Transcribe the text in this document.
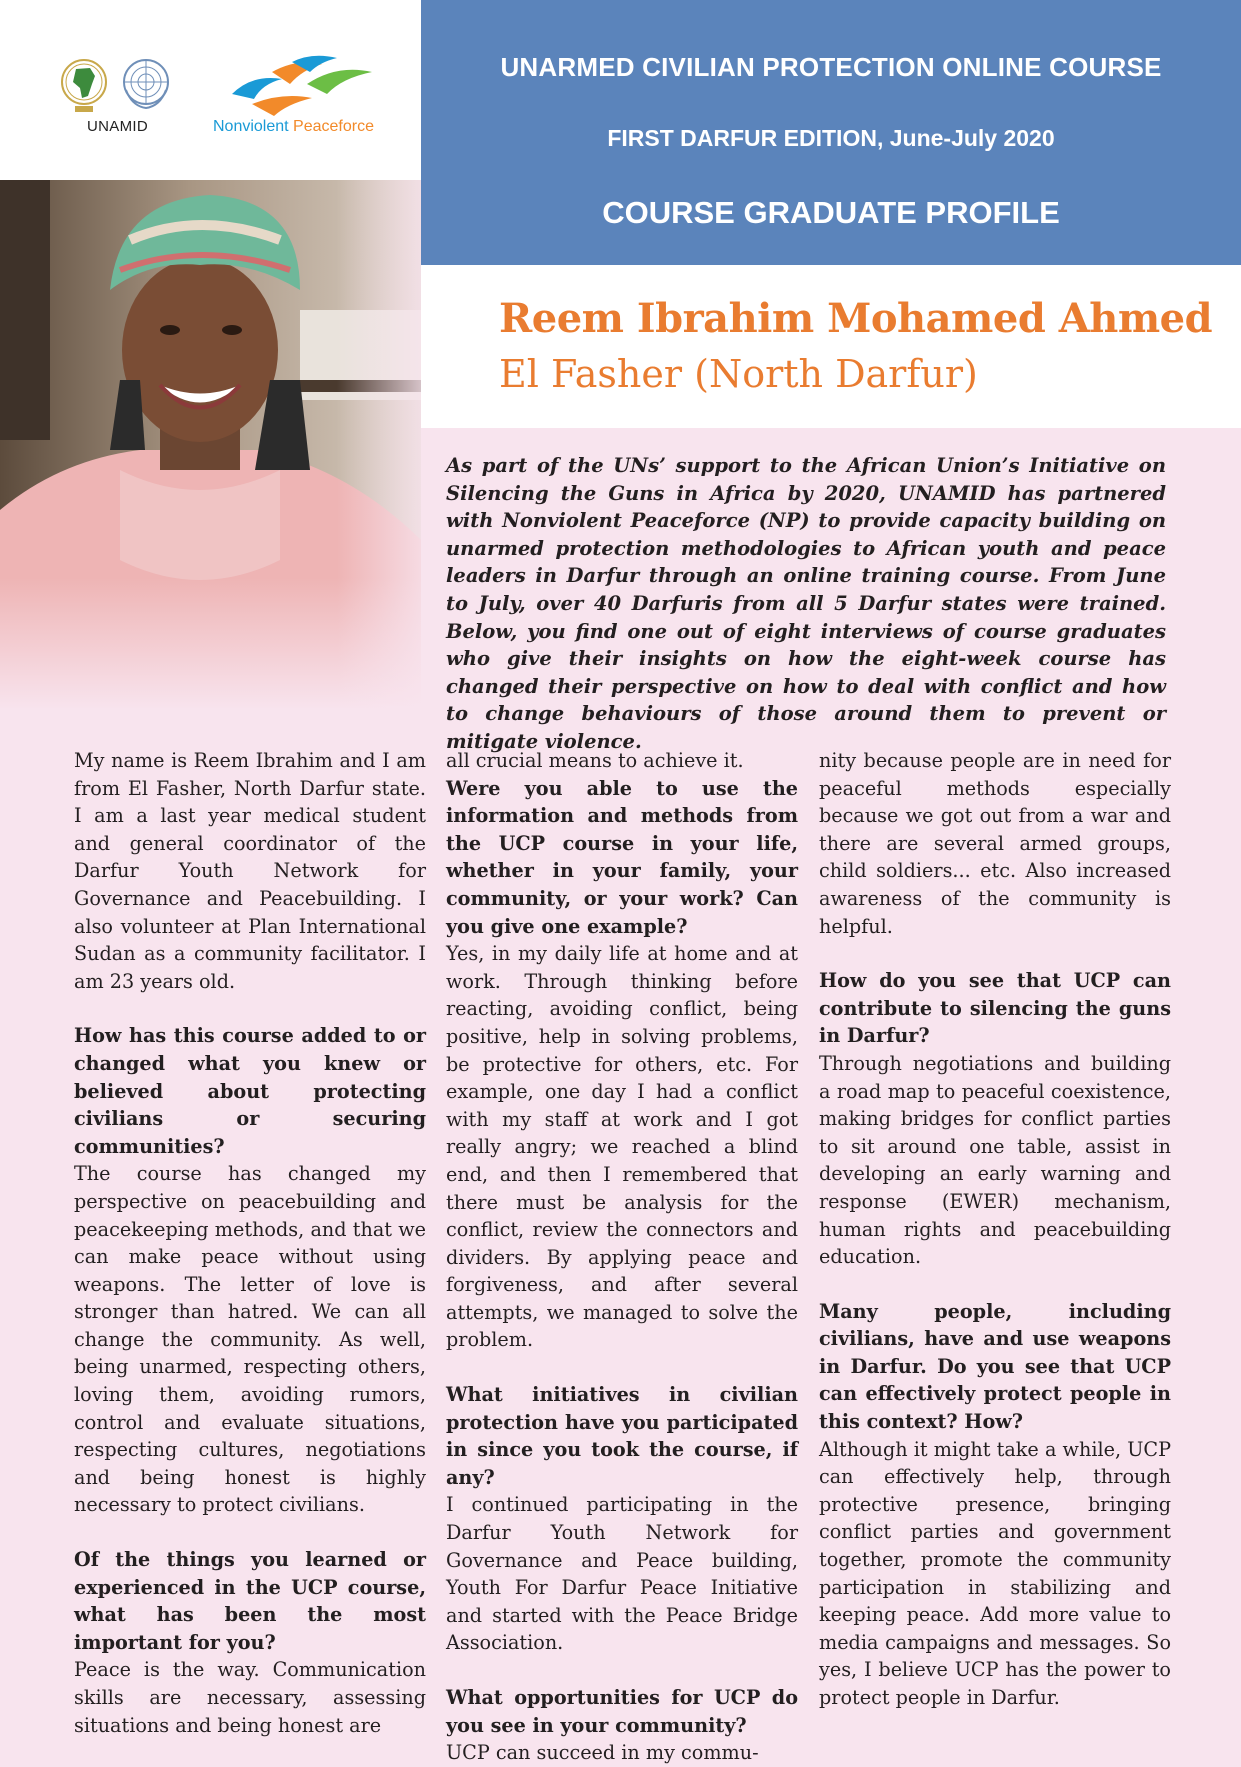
UNAMID	Nonviolent Peaceforce
UNARMED CIVILIAN PROTECTION ONLINE COURSE
FIRST DARFUR EDITION, June-July 2020
COURSE GRADUATE PROFILE
Reem Ibrahim Mohamed Ahmed
El Fasher (North Darfur)
As part of the UNs’ support to the African Union’s Initiative on Silencing the Guns in Africa by 2020, UNAMID has partnered with Nonviolent Peaceforce (NP) to provide capacity building on unarmed protection methodologies to African youth and peace leaders in Darfur through an online training course. From June to July, over 40 Darfuris from all 5 Darfur states were trained. Below, you find one out of eight interviews of course graduates who give their insights on how the eight-week course has changed their perspective on how to deal with conflict and how to change behaviours of those around them to prevent or mitigate violence.

My name is Reem Ibrahim and I am from El Fasher, North Darfur state. I am a last year medical student and general coordinator of the Darfur Youth Network for Governance and Peacebuilding. I also volunteer at Plan International Sudan as a community facilitator. I am 23 years old.

How has this course added to or changed what you knew or believed about protecting civilians or securing communities?

The course has changed my perspective on peacebuilding and peacekeeping methods, and that we can make peace without using weapons. The letter of love is stronger than hatred. We can all change the community. As well, being unarmed, respecting others, loving them, avoiding rumors, control and evaluate situations, respecting cultures, negotiations and being honest is highly necessary to protect civilians.

Of the things you learned or experienced in the UCP course, what has been the most important for you?

Peace is the way. Communication skills are necessary, assessing situations and being honest are

all crucial means to achieve it.

Were you able to use the information and methods from the UCP course in your life, whether in your family, your community, or your work? Can you give one example?

Yes, in my daily life at home and at work. Through thinking before reacting, avoiding conflict, being positive, help in solving problems, be protective for others, etc. For example, one day I had a conflict with my staff at work and I got really angry; we reached a blind end, and then I remembered that there must be analysis for the conflict, review the connectors and dividers. By applying peace and forgiveness, and after several attempts, we managed to solve the problem.

What initiatives in civilian protection have you participated in since you took the course, if any?

I continued participating in the Darfur Youth Network for Governance and Peace building, Youth For Darfur Peace Initiative and started with the Peace Bridge Association.

What opportunities for UCP do you see in your community?

UCP can succeed in my commu-

nity because people are in need for peaceful methods especially because we got out from a war and there are several armed groups, child soldiers... etc. Also increased awareness of the community is helpful.

How do you see that UCP can contribute to silencing the guns in Darfur?

Through negotiations and building a road map to peaceful coexistence, making bridges for conflict parties to sit around one table, assist in developing an early warning and response (EWER) mechanism, human rights and peacebuilding education.

Many people, including civilians, have and use weapons in Darfur. Do you see that UCP can effectively protect people in this context? How?

Although it might take a while, UCP can effectively help, through protective presence, bringing conflict parties and government together, promote the community participation in stabilizing and keeping peace. Add more value to media campaigns and messages. So yes, I believe UCP has the power to protect people in Darfur.
